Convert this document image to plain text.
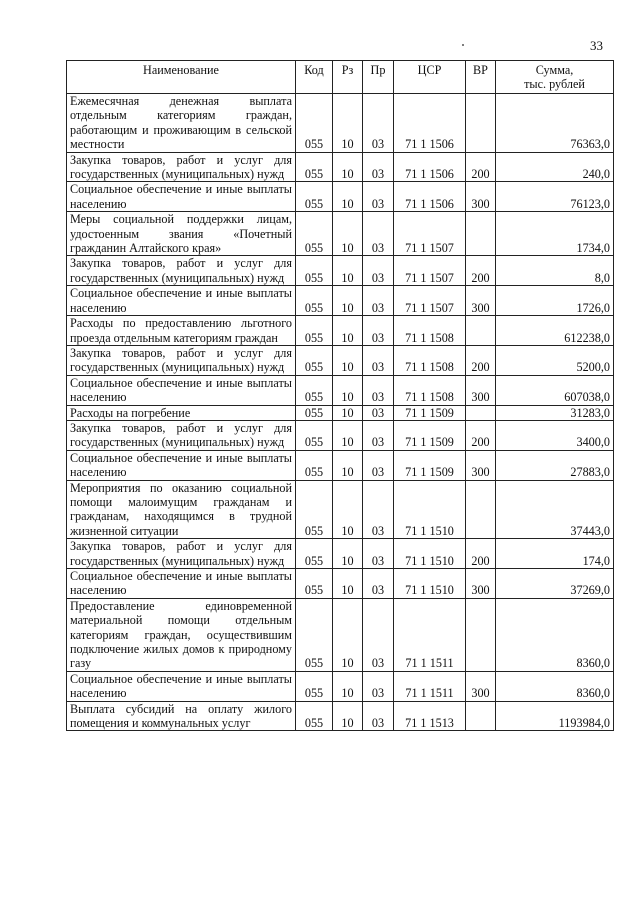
33
Наименование	Код	Рз	Пр	ЦСР	ВР	Сумма,
тыс. рублей
Ежемесячная денежная выплата отдельным категориям граждан, работающим и проживающим в сельской местности	055	10	03	71 1 1506		76363,0
Закупка товаров, работ и услуг для государственных (муниципальных) нужд	055	10	03	71 1 1506	200	240,0
Социальное обеспечение и иные выплаты населению	055	10	03	71 1 1506	300	76123,0
Меры социальной поддержки лицам, удостоенным звания «Почетный гражданин Алтайского края»	055	10	03	71 1 1507		1734,0
Закупка товаров, работ и услуг для государственных (муниципальных) нужд	055	10	03	71 1 1507	200	8,0
Социальное обеспечение и иные выплаты населению	055	10	03	71 1 1507	300	1726,0
Расходы по предоставлению льготного проезда отдельным категориям граждан	055	10	03	71 1 1508		612238,0
Закупка товаров, работ и услуг для государственных (муниципальных) нужд	055	10	03	71 1 1508	200	5200,0
Социальное обеспечение и иные выплаты населению	055	10	03	71 1 1508	300	607038,0
Расходы на погребение	055	10	03	71 1 1509		31283,0
Закупка товаров, работ и услуг для государственных (муниципальных) нужд	055	10	03	71 1 1509	200	3400,0
Социальное обеспечение и иные выплаты населению	055	10	03	71 1 1509	300	27883,0
Мероприятия по оказанию социальной помощи малоимущим гражданам и гражданам, находящимся в трудной жизненной ситуации	055	10	03	71 1 1510		37443,0
Закупка товаров, работ и услуг для государственных (муниципальных) нужд	055	10	03	71 1 1510	200	174,0
Социальное обеспечение и иные выплаты населению	055	10	03	71 1 1510	300	37269,0
Предоставление единовременной материальной помощи отдельным категориям граждан, осуществившим подключение жилых домов к природному газу	055	10	03	71 1 1511		8360,0
Социальное обеспечение и иные выплаты населению	055	10	03	71 1 1511	300	8360,0
Выплата субсидий на оплату жилого помещения и коммунальных услуг	055	10	03	71 1 1513		1193984,0
